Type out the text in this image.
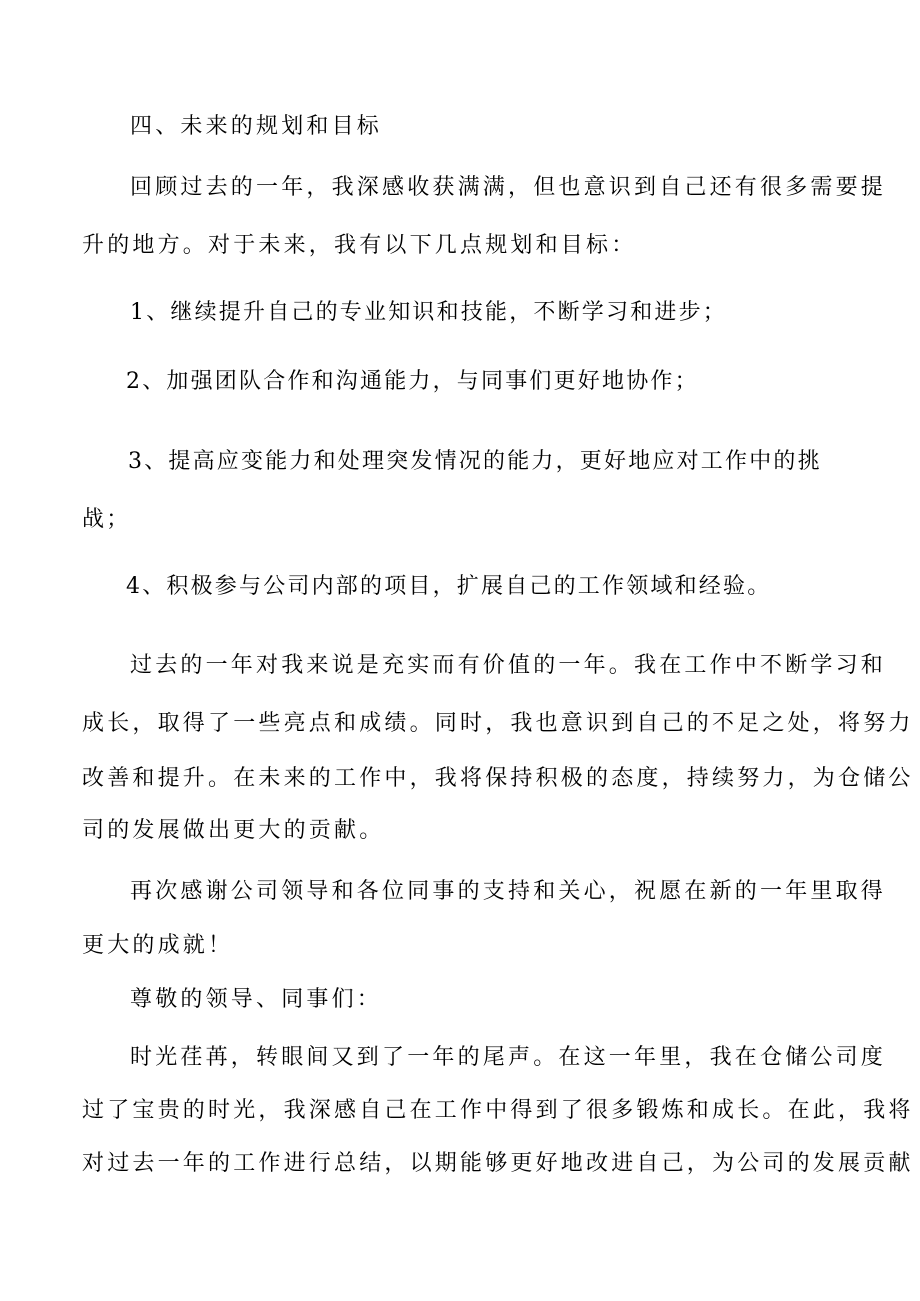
四、未来的规划和目标
回顾过去的一年，我深感收获满满，但也意识到自己还有很多需要提
升的地方。对于未来，我有以下几点规划和目标：
1、继续提升自己的专业知识和技能，不断学习和进步；
2、加强团队合作和沟通能力，与同事们更好地协作；
3、提高应变能力和处理突发情况的能力，更好地应对工作中的挑
战；
4、积极参与公司内部的项目，扩展自己的工作领域和经验。
过去的一年对我来说是充实而有价值的一年。我在工作中不断学习和
成长，取得了一些亮点和成绩。同时，我也意识到自己的不足之处，将努力
改善和提升。在未来的工作中，我将保持积极的态度，持续努力，为仓储公
司的发展做出更大的贡献。
再次感谢公司领导和各位同事的支持和关心，祝愿在新的一年里取得
更大的成就！
尊敬的领导、同事们：
时光荏苒，转眼间又到了一年的尾声。在这一年里，我在仓储公司度
过了宝贵的时光，我深感自己在工作中得到了很多锻炼和成长。在此，我将
对过去一年的工作进行总结，以期能够更好地改进自己，为公司的发展贡献
